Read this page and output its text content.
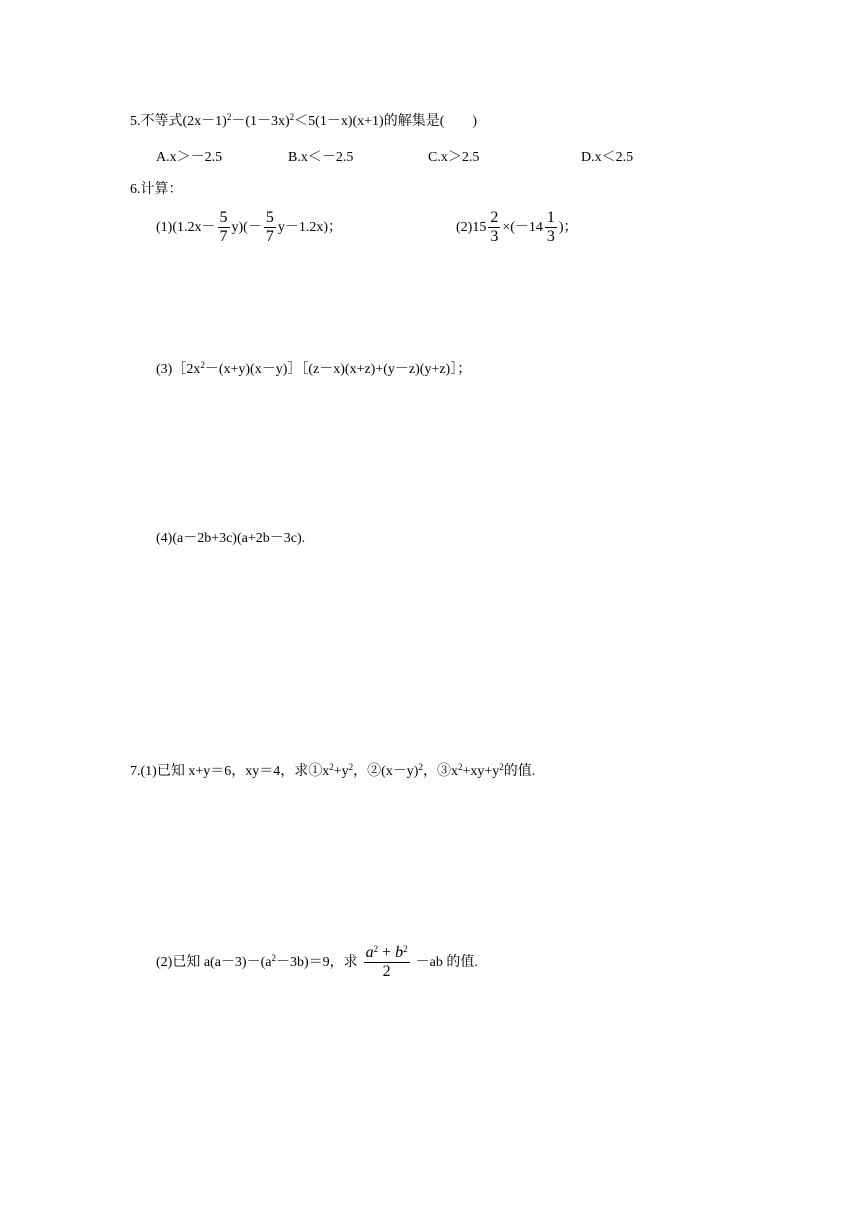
5.不等式$(2x-1)^2-(1-3x)^2<5(1-x)(x+1)$的解集是(　　)
A.x＞－2.5	B.x＜－2.5	C.x＞2.5	D.x＜2.5
6.计算：
$(1)(1.2x- \frac{5}{7} y)(- \frac{5}{7} y-1.2x)$；	$(2)15 \frac{2}{3} \times(-14 \frac{1}{3}$ )；
$(3)[2x^2-(x+y)(x-y)][(z-x)(x+z)+(y-z)(y+z)]$；
(4)(a－2b+3c)(a+2b－3c).
7.(1)已知 x+y＝6，xy＝4，求$①x^2+y^2$，$②(x-y)^2$，$③x^2+xy+y^2$的值.
(2)已知 $a(a-3)-(a^2-3b)=9$，求 $\frac{a^2 + b^2}{2} -ab$ 的值.
